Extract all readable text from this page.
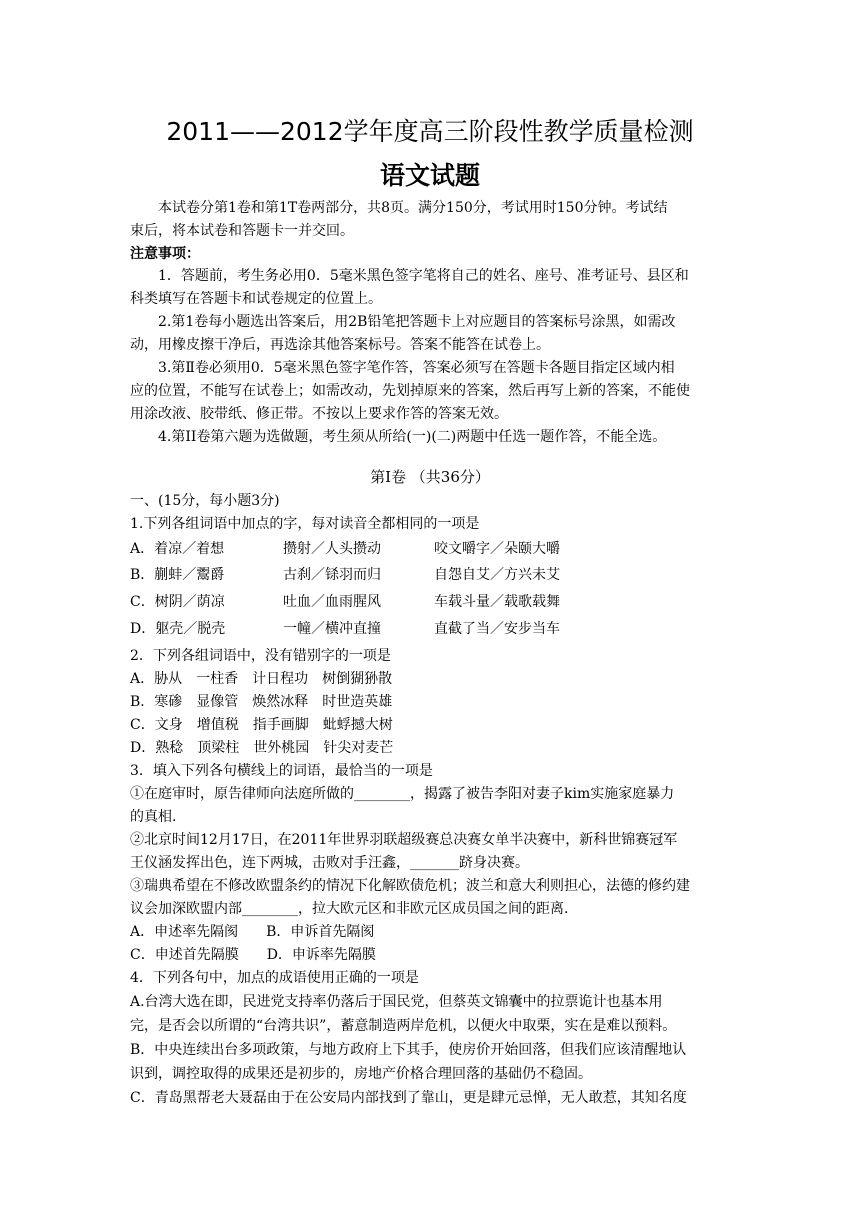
2011——2012学年度高三阶段性教学质量检测
语文试题
本试卷分第1卷和第1T卷两部分，共8页。满分150分，考试用时150分钟。考试结
束后，将本试卷和答题卡一并交回。
注意事项：
1．答题前，考生务必用0．5毫米黑色签字笔将自己的姓名、座号、准考证号、县区和
科类填写在答题卡和试卷规定的位置上。
2.第1卷每小题选出答案后，用2B铅笔把答题卡上对应题目的答案标号涂黑，如需改
动，用橡皮擦干净后，再选涂其他答案标号。答案不能答在试卷上。
3.第Ⅱ卷必须用0．5毫米黑色签字笔作答，答案必须写在答题卡各题目指定区域内相
应的位置，不能写在试卷上；如需改动，先划掉原来的答案，然后再写上新的答案，不能使
用涂改液、胶带纸、修正带。不按以上要求作答的答案无效。
4.第II卷第六题为选做题，考生须从所给(一)(二)两题中任选一题作答，不能全选。
第Ⅰ卷 （共36分）
一、(15分，每小题3分)
1.下列各组词语中加点的字，每对读音全都相同的一项是
A．着凉／着想	攒射／人头攒动	咬文嚼字／朵颐大嚼
B．蒯蚌／鬻爵	古刹／铩羽而归	自怨自艾／方兴未艾
C．树阴／荫凉	吐血／血雨腥风	车载斗量／载歌载舞
D．躯壳／脱壳	一幢／横冲直撞	直截了当／安步当车
2．下列各组词语中，没有错别字的一项是
A．胁从　一柱香　计日程功　树倒猢狲散
B．寒碜　显像管　焕然冰释　时世造英雄
C．文身　增值税　指手画脚　蚍蜉撼大树
D．熟稔　顶梁柱　世外桃园　针尖对麦芒
3．填入下列各句横线上的词语，最恰当的一项是
①在庭审时，原告律师向法庭所做的________，揭露了被告李阳对妻子kim实施家庭暴力
的真相.
②北京时间12月17日，在2011年世界羽联超级赛总决赛女单半决赛中，新科世锦赛冠军
王仪涵发挥出色，连下两城，击败对手汪鑫，_______跻身决赛。
③瑞典希望在不修改欧盟条约的情况下化解欧债危机；波兰和意大利则担心，法德的修约建
议会加深欧盟内部________，拉大欧元区和非欧元区成员国之间的距离.
A．申述率先隔阂　　B．申诉首先隔阂
C．申述首先隔膜　　D．申诉率先隔膜
4．下列各句中，加点的成语使用正确的一项是
A.台湾大选在即，民进党支持率仍落后于国民党，但蔡英文锦囊中的拉票诡计也基本用
完，是否会以所谓的“台湾共识”，蓄意制造两岸危机，以便火中取栗，实在是难以预料。
B．中央连续出台多项政策，与地方政府上下其手，使房价开始回落，但我们应该清醒地认
识到，调控取得的成果还是初步的，房地产价格合理回落的基础仍不稳固。
C．青岛黑帮老大聂磊由于在公安局内部找到了靠山，更是肆元忌惮，无人敢惹，其知名度
